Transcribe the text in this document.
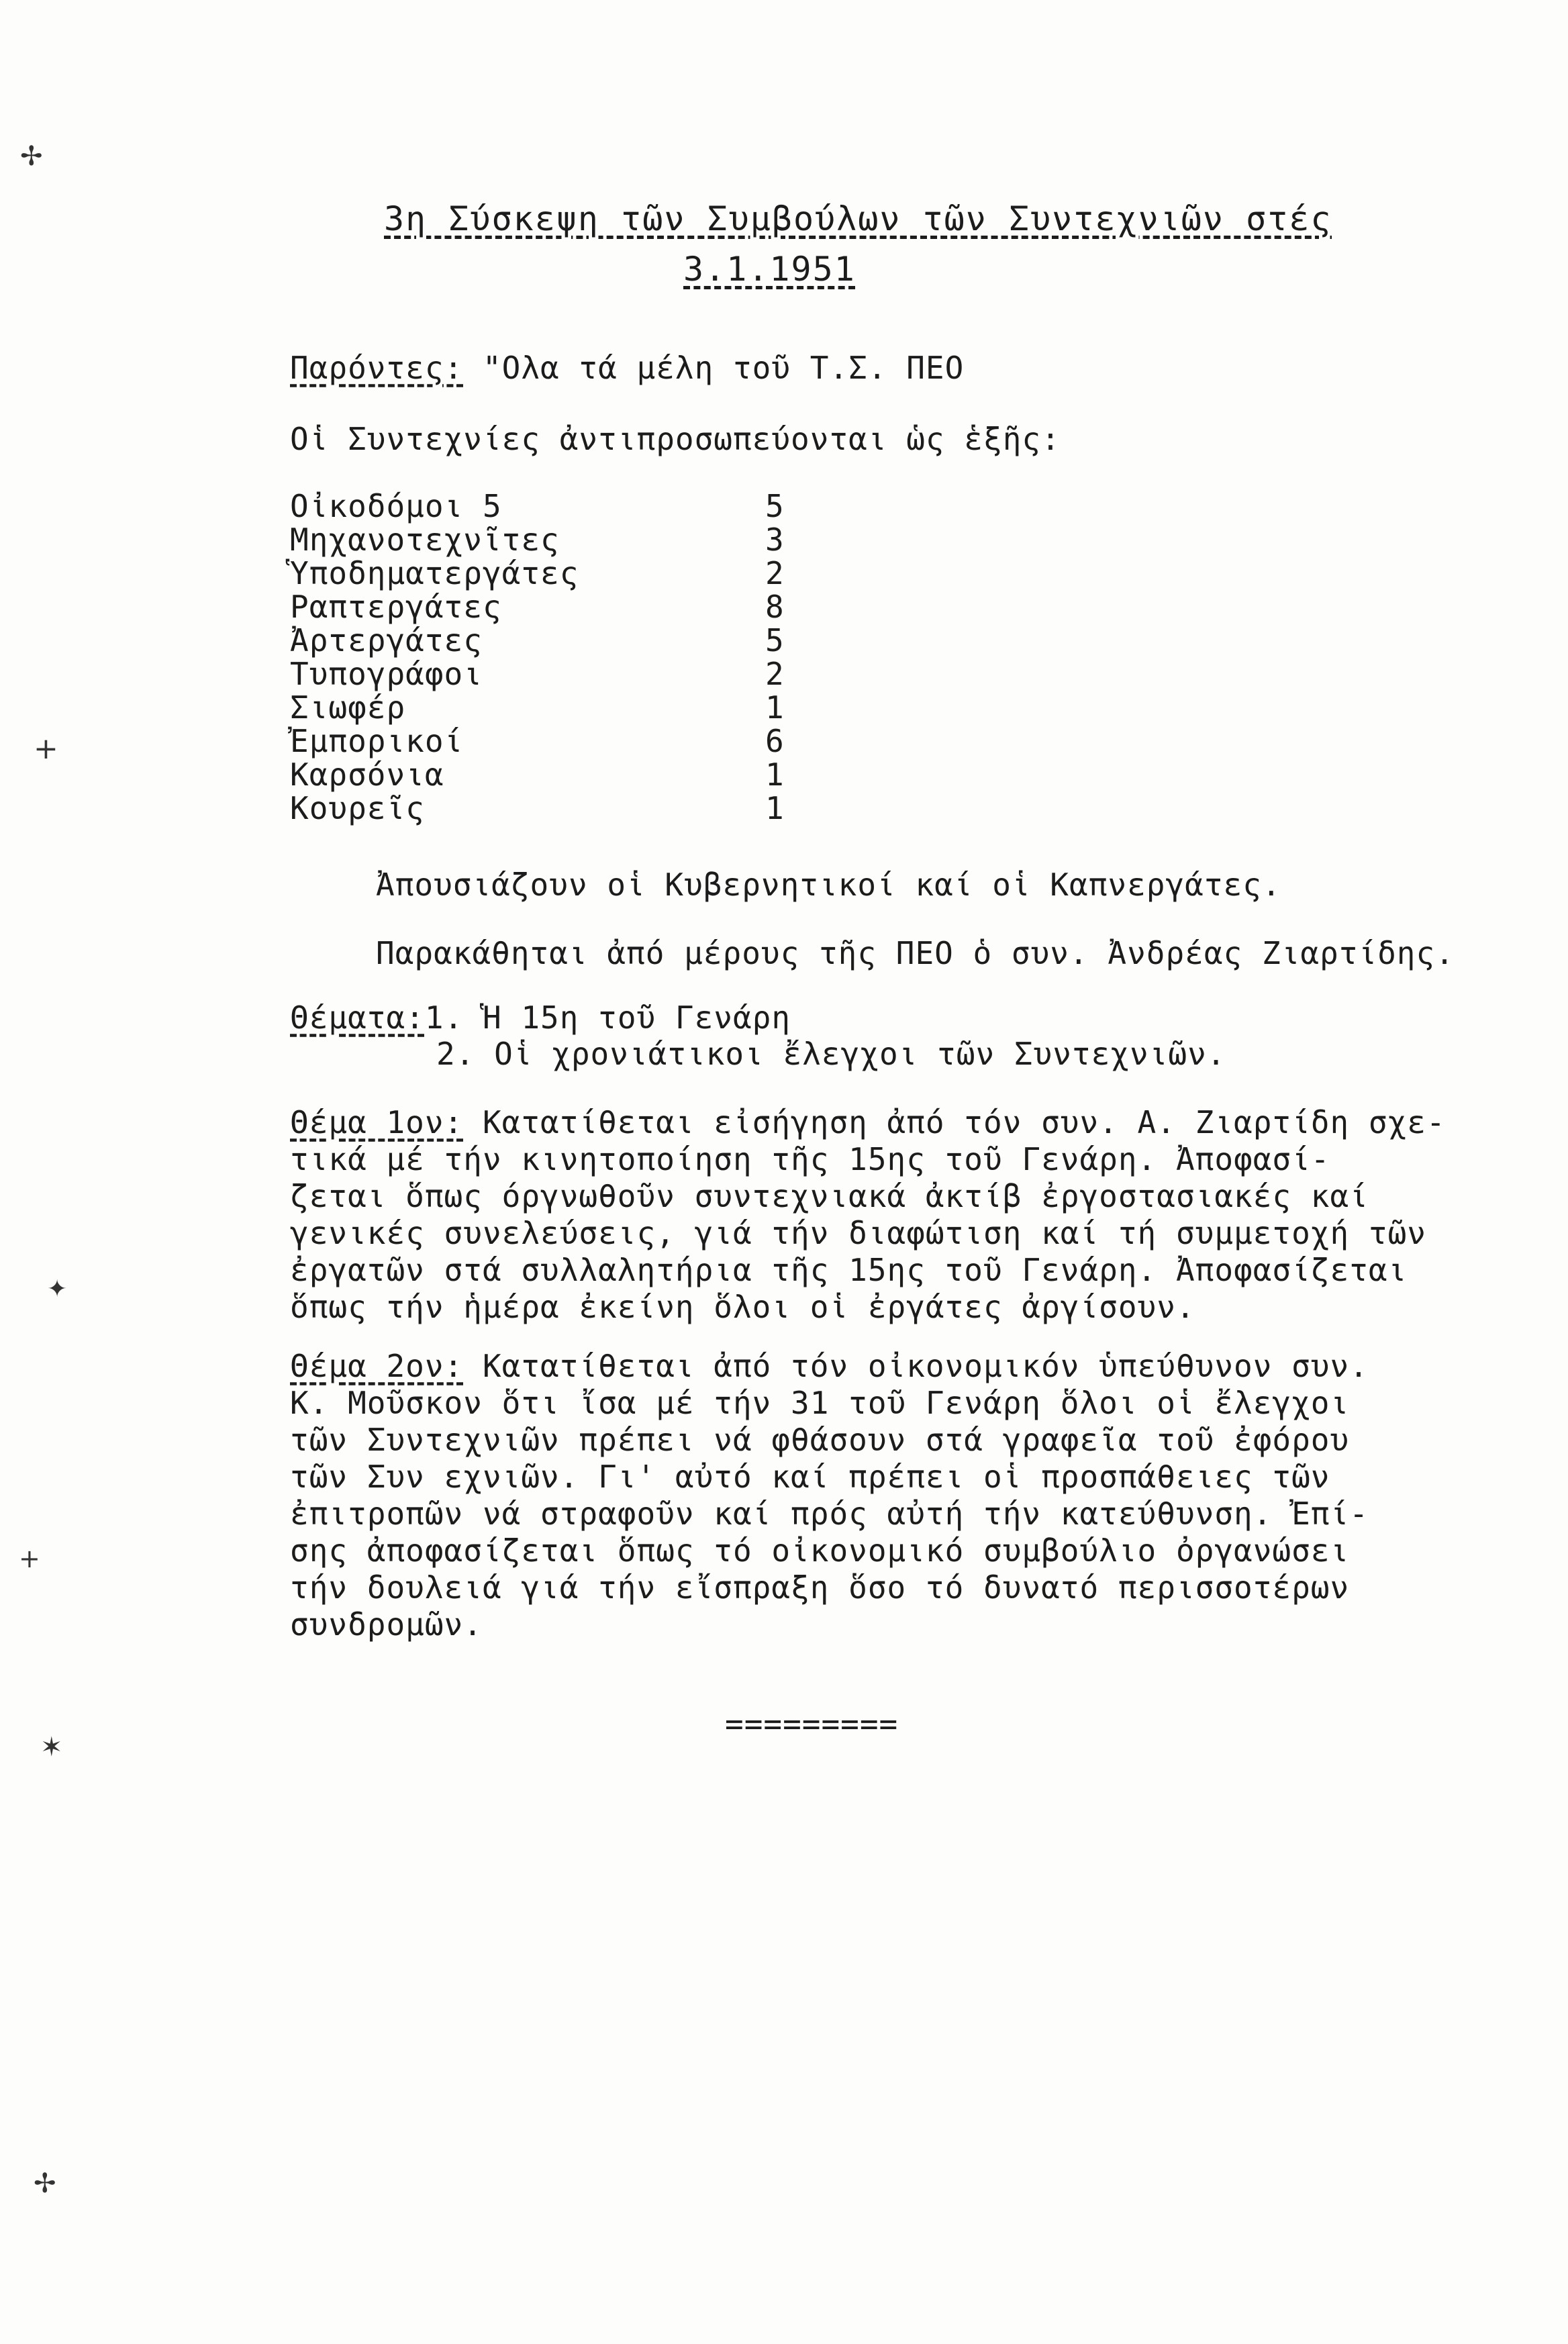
3η Σύσκεψη τῶν Συμβούλων τῶν Συντεχνιῶν στές
3.1.1951
Παρόντες: "Ολα τά μέλη τοῦ Τ.Σ. ΠΕΟ
Οἱ Συντεχνίες ἀντιπροσωπεύονται ὡς ἑξῆς:
Οἰκοδόμοι 5	5
Μηχανοτεχνῖτες	3
Ὑποδηματεργάτες	2
Ραπτεργάτες	8
Ἀρτεργάτες	5
Τυπογράφοι	2
Σιωφέρ	1
Ἐμπορικοί	6
Καρσόνια	1
Κουρεῖς	1
Ἀπουσιάζουν οἱ Κυβερνητικοί καί οἱ Καπνεργάτες.
Παρακάθηται ἀπό μέρους τῆς ΠΕΟ ὁ συν. Ἀνδρέας Ζιαρτίδης.
Θέματα:1. Ἡ 15η τοῦ Γενάρη
2. Οἱ χρονιάτικοι ἔλεγχοι τῶν Συντεχνιῶν.
Θέμα 1ον: Κατατίθεται εἰσήγηση ἀπό τόν συν. Α. Ζιαρτίδη σχε-
τικά μέ τήν κινητοποίηση τῆς 15ης τοῦ Γενάρη. Ἀποφασί-
ζεται ὅπως όργνωθοῦν συντεχνιακά ἀκτίβ ἐργοστασιακές καί
γενικές συνελεύσεις, γιά τήν διαφώτιση καί τή συμμετοχή τῶν
ἐργατῶν στά συλλαλητήρια τῆς 15ης τοῦ Γενάρη. Ἀποφασίζεται
ὅπως τήν ἡμέρα ἐκείνη ὅλοι οἱ ἐργάτες ἀργίσουν.
Θέμα 2ον: Κατατίθεται ἀπό τόν οἰκονομικόν ὑπεύθυνον συν.
Κ. Μοῦσκον ὅτι ἴσα μέ τήν 31 τοῦ Γενάρη ὅλοι οἱ ἔλεγχοι
τῶν Συντεχνιῶν πρέπει νά φθάσουν στά γραφεῖα τοῦ ἐφόρου
τῶν Συν εχνιῶν. Γι' αὐτό καί πρέπει οἱ προσπάθειες τῶν
ἐπιτροπῶν νά στραφοῦν καί πρός αὐτή τήν κατεύθυνση. Ἐπί-
σης ἀποφασίζεται ὅπως τό οἰκονομικό συμβούλιο ὀργανώσει
τήν δουλειά γιά τήν εἴσπραξη ὅσο τό δυνατό περισσοτέρων
συνδρομῶν.
=========
✢
+
✦
+
✶
✢
